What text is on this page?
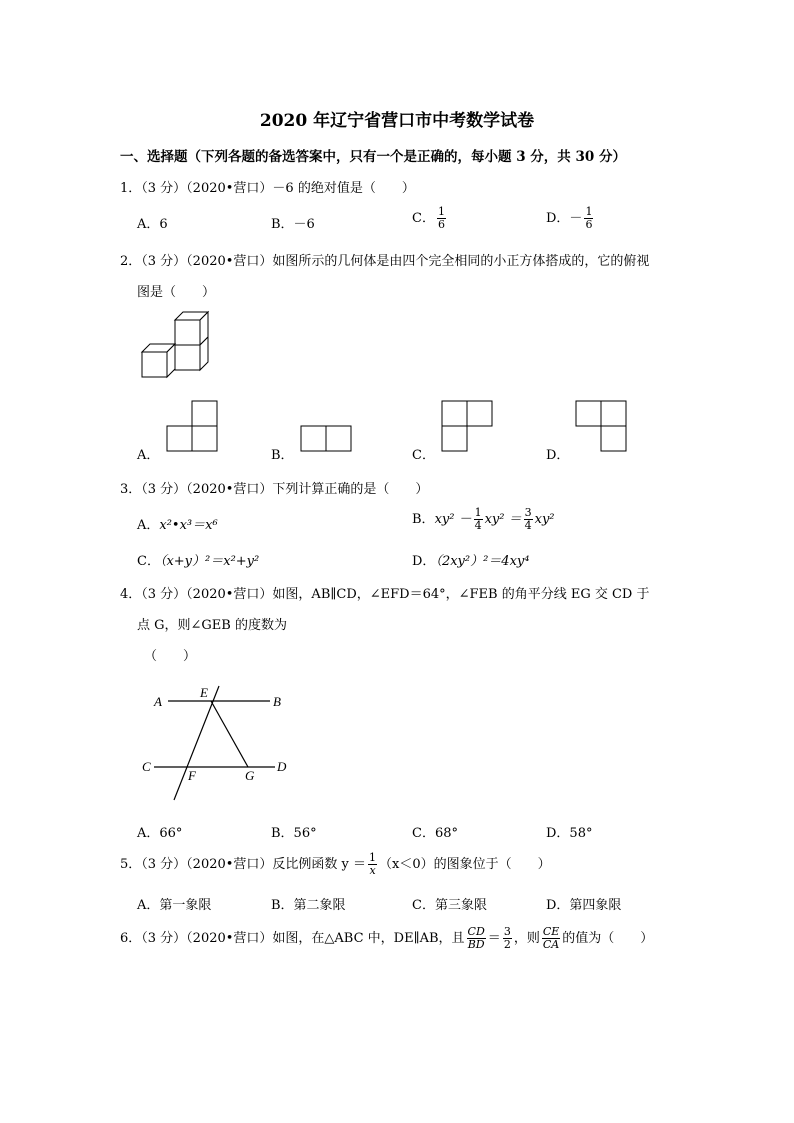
2020 年辽宁省营口市中考数学试卷
一、选择题（下列各题的备选答案中，只有一个是正确的，每小题 3 分，共 30 分）
1．（3 分）（2020•营口）－6 的绝对值是（　　）
A．6	B．－6	C． $\frac{1}{6}$	D．－ $\frac{1}{6}$
2．（3 分）（2020•营口）如图所示的几何体是由四个完全相同的小正方体搭成的，它的俯视
图是（　　）
A．	B．	C．	D．
3．（3 分）（2020•营口）下列计算正确的是（　　）
A．x²•x³＝x⁶	B．$xy^2 - \frac{1}{4} xy^2 = \frac{3}{4} xy^2$
C．（x+y）²＝x²+y²	D．（2xy²）²＝4xy⁴
4．（3 分）（2020•营口）如图，AB∥CD，∠EFD＝64°，∠FEB 的角平分线 EG 交 CD 于
点 G，则∠GEB 的度数为
（　　）
A
E
B
C
F	G
D
A．66°	B．56°	C．68°	D．58°
5．（3 分）（2020•营口）反比例函数 $y = \frac{1}{x} (x<0)$的图象位于（　　）
A．第一象限	B．第二象限	C．第三象限	D．第四象限
6．（3 分）（2020•营口）如图，在△ABC 中，DE∥AB，且 $\frac{CD}{BD} = \frac{3}{2}$ ，则 $\frac{CE}{CA}$ 的值为（　　）
